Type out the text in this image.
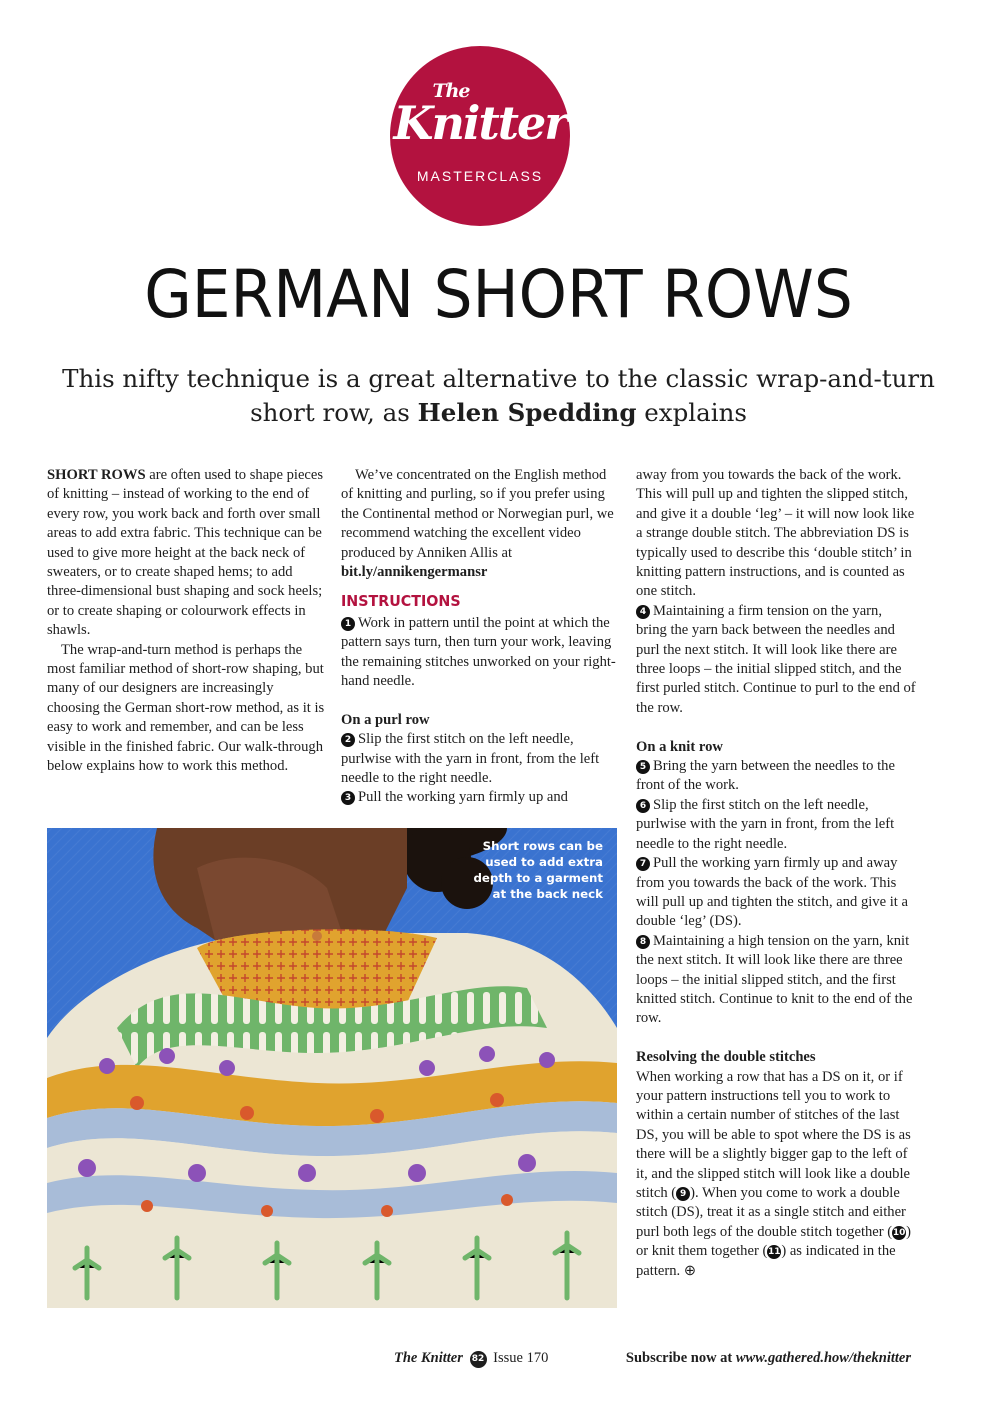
The
Knitter
MASTERCLASS
GERMAN SHORT ROWS

This nifty technique is a great alternative to the classic wrap-and-turn short row, as Helen Spedding explains

SHORT ROWS are often used to shape pieces of knitting – instead of working to the end of every row, you work back and forth over small areas to add extra fabric. This technique can be used to give more height at the back neck of sweaters, or to create shaped hems; to add three-dimensional bust shaping and sock heels; or to create shaping or colourwork effects in shawls.

The wrap-and-turn method is perhaps the most familiar method of short-row shaping, but many of our designers are increasingly choosing the German short-row method, as it is easy to work and remember, and can be less visible in the finished fabric. Our walk-through below explains how to work this method.

We’ve concentrated on the English method of knitting and purling, so if you prefer using the Continental method or Norwegian purl, we recommend watching the excellent video produced by Anniken Allis at bit.ly/annikengermansr

INSTRUCTIONS

1 Work in pattern until the point at which the pattern says turn, then turn your work, leaving the remaining stitches unworked on your right-hand needle.

On a purl row

2 Slip the first stitch on the left needle, purlwise with the yarn in front, from the left needle to the right needle.

3 Pull the working yarn firmly up and

Short rows can be used to add extra depth to a garment at the back neck

away from you towards the back of the work. This will pull up and tighten the slipped stitch, and give it a double ‘leg’ – it will now look like a strange double stitch. The abbreviation DS is typically used to describe this ‘double stitch’ in knitting pattern instructions, and is counted as one stitch.

4 Maintaining a firm tension on the yarn, bring the yarn back between the needles and purl the next stitch. It will look like there are three loops – the initial slipped stitch, and the first purled stitch. Continue to purl to the end of the row.

On a knit row

5 Bring the yarn between the needles to the front of the work.

6 Slip the first stitch on the left needle, purlwise with the yarn in front, from the left needle to the right needle.

7 Pull the working yarn firmly up and away from you towards the back of the work. This will pull up and tighten the stitch, and give it a double ‘leg’ (DS).

8 Maintaining a high tension on the yarn, knit the next stitch. It will look like there are three loops – the initial slipped stitch, and the first knitted stitch. Continue to knit to the end of the row.

Resolving the double stitches

When working a row that has a DS on it, or if your pattern instructions tell you to work to within a certain number of stitches of the last DS, you will be able to spot where the DS is as there will be a slightly bigger gap to the left of it, and the slipped stitch will look like a double stitch ( 9 ). When you come to work a double stitch (DS), treat it as a single stitch and either purl both legs of the double stitch together (10) or knit them together (11) as indicated in the pattern. ⊕

The Knitter 82 Issue 170	Subscribe now at www.gathered.how/theknitter
